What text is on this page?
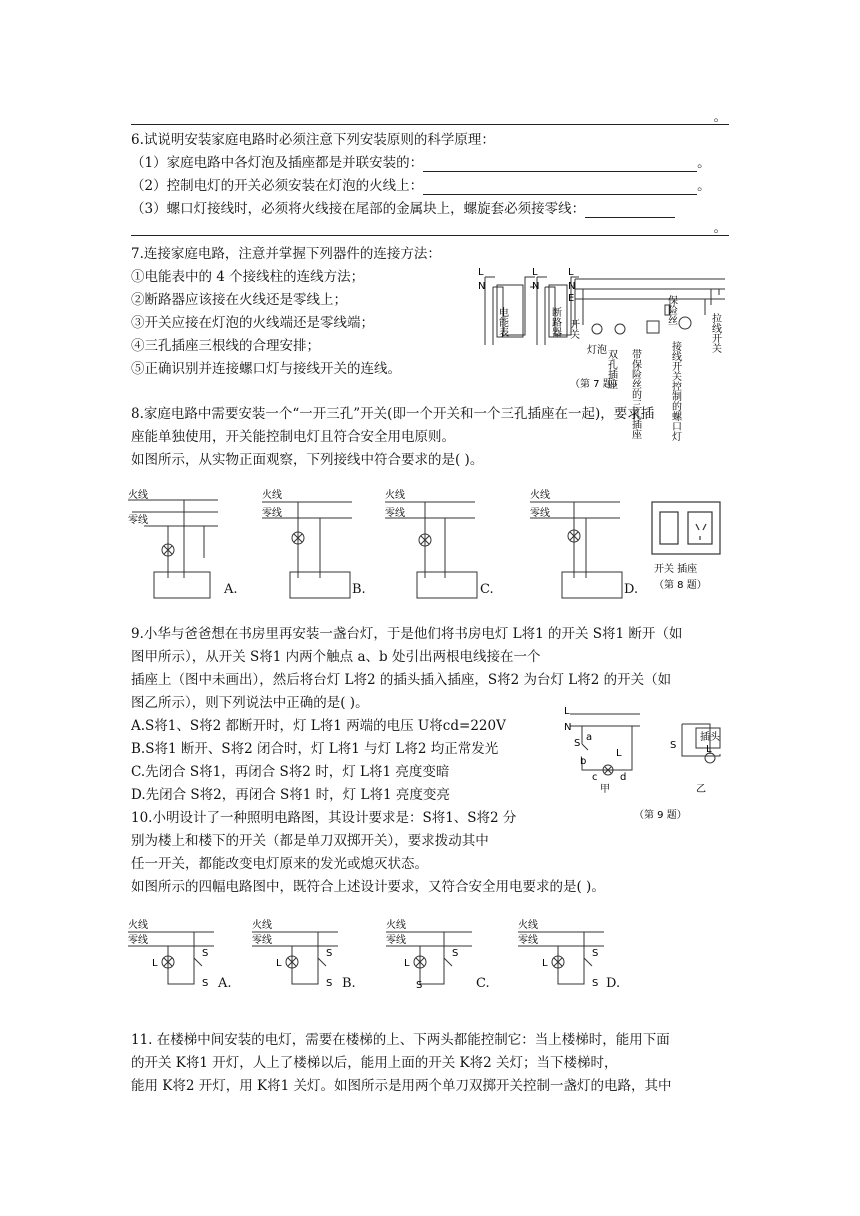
。
6.试说明安装家庭电路时必须注意下列安装原则的科学原理：
（1）家庭电路中各灯泡及插座都是并联安装的：	。
（2）控制电灯的开关必须安装在灯泡的火线上：	。
（3）螺口灯接线时，必须将火线接在尾部的金属块上，螺旋套必须接零线：
。
7.连接家庭电路，注意并掌握下列器件的连接方法：
①电能表中的 4 个接线柱的连线方法；
②断路器应该接在火线还是零线上；
③开关应接在灯泡的火线端还是零线端；
④三孔插座三根线的合理安排；
⑤正确识别并连接螺口灯与接线开关的连线。
L
N
L
N
L
N
E
电能表	断路器 开关
保险丝
拉线开关
灯泡
双孔插座 带保险丝的三孔插座	接线开关控制的螺口灯
（第 7 题）
8.家庭电路中需要安装一个“一开三孔”开关(即一个开关和一个三孔插座在一起)，要求插
座能单独使用，开关能控制电灯且符合安全用电原则。
如图所示，从实物正面观察，下列接线中符合要求的是( )。
火线
零线
A.
火线
零线
B.
火线
零线
C.
火线
零线
D.
开关 插座
（第 8 题）
9.小华与爸爸想在书房里再安装一盏台灯，于是他们将书房电灯 L将1 的开关 S将1 断开（如
图甲所示），从开关 S将1 内两个触点 a、b 处引出两根电线接在一个
插座上（图中未画出），然后将台灯 L将2 的插头插入插座，S将2 为台灯 L将2 的开关（如
图乙所示），则下列说法中正确的是( )。
A.S将1、S将2 都断开时，灯 L将1 两端的电压 U将cd=220V
B.S将1 断开、S将2 闭合时，灯 L将1 与灯 L将2 均正常发光
C.先闭合 S将1，再闭合 S将2 时，灯 L将1 亮度变暗
D.先闭合 S将2，再闭合 S将1 时，灯 L将1 亮度变亮
L
N
a
b
c d
S
L
S	L
插头
甲	乙
（第 9 题）
10.小明设计了一种照明电路图，其设计要求是：S将1、S将2 分
别为楼上和楼下的开关（都是单刀双掷开关），要求拨动其中
任一开关，都能改变电灯原来的发光或熄灭状态。
如图所示的四幅电路图中，既符合上述设计要求，又符合安全用电要求的是( )。
火线
零线
L
S
S A.
火线
零线
L
S
S B.
火线
零线
L
S
S	C.
火线
零线
L
S
S D.
11. 在楼梯中间安装的电灯，需要在楼梯的上、下两头都能控制它：当上楼梯时，能用下面
的开关 K将1 开灯，人上了楼梯以后，能用上面的开关 K将2 关灯；当下楼梯时，
能用 K将2 开灯，用 K将1 关灯。如图所示是用两个单刀双掷开关控制一盏灯的电路，其中
